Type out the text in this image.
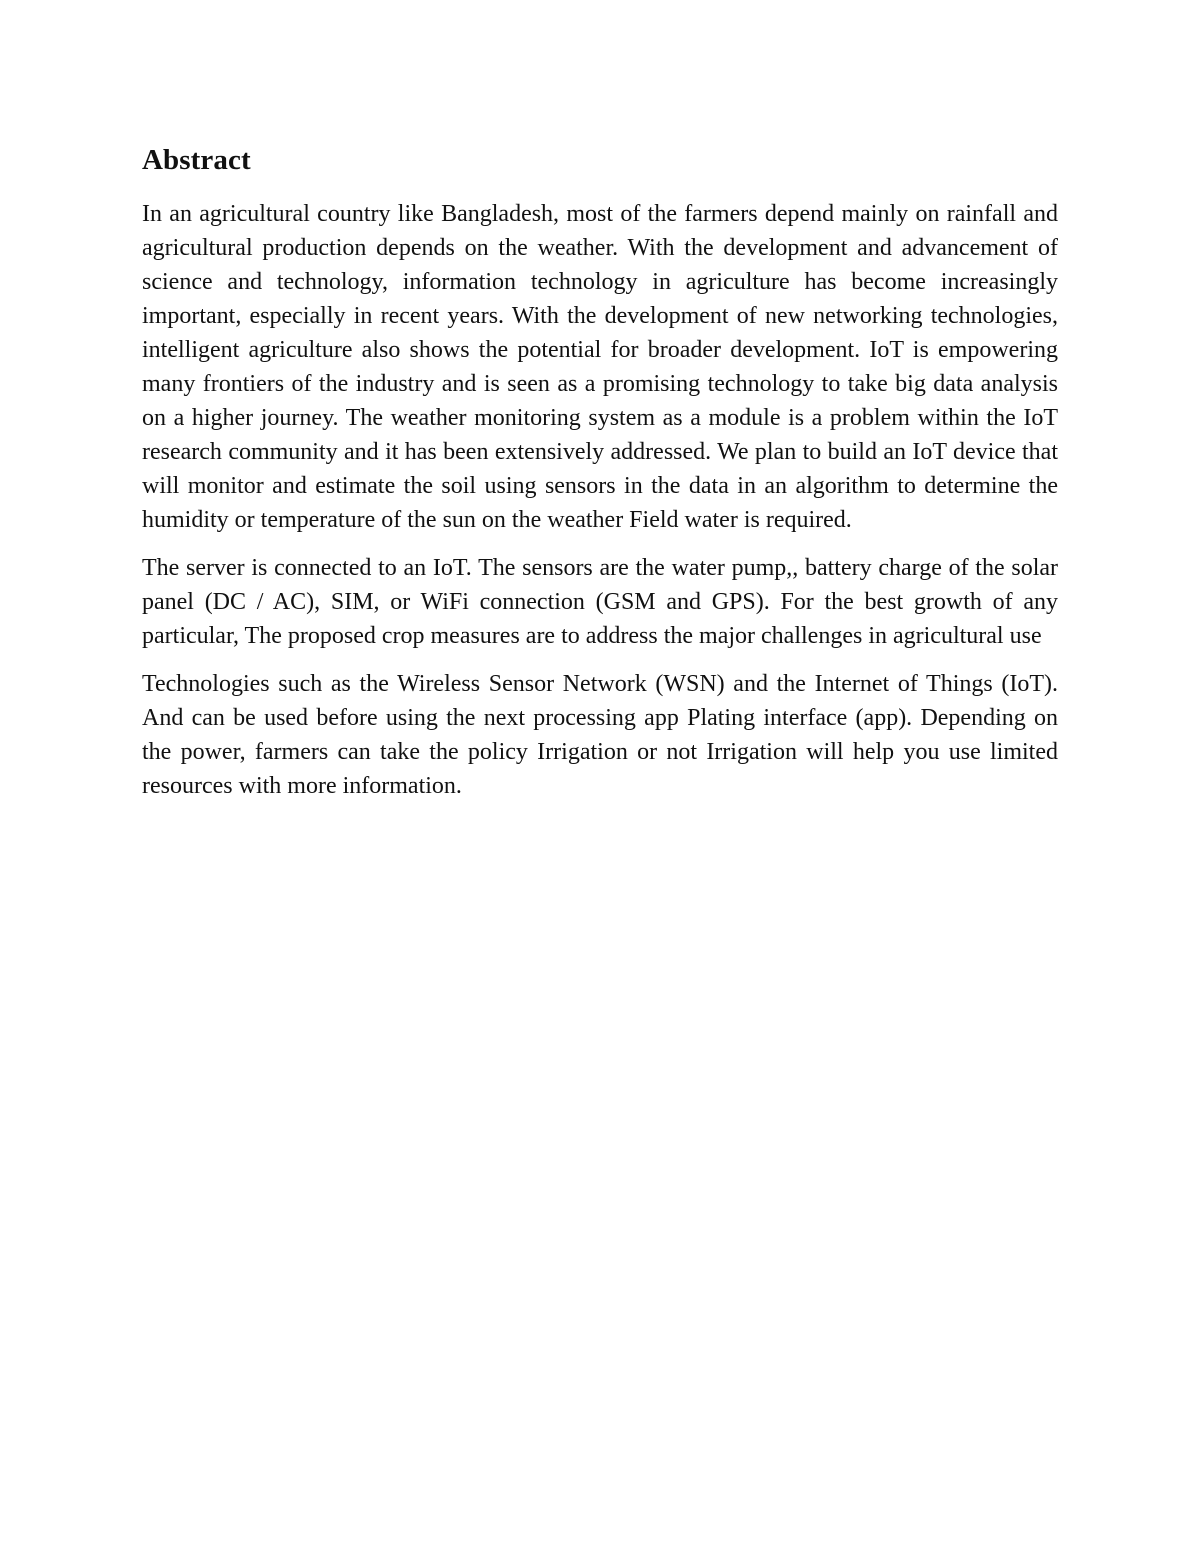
Abstract

In an agricultural country like Bangladesh, most of the farmers depend mainly on rainfall and agricultural production depends on the weather. With the development and advancement of science and technology, information technology in agriculture has become increasingly important, especially in recent years. With the development of new networking technologies, intelligent agriculture also shows the potential for broader development. IoT is empowering many frontiers of the industry and is seen as a promising technology to take big data analysis on a higher journey. The weather monitoring system as a module is a problem within the IoT research community and it has been extensively addressed. We plan to build an IoT device that will monitor and estimate the soil using sensors in the data in an algorithm to determine the humidity or temperature of the sun on the weather Field water is required.

The server is connected to an IoT. The sensors are the water pump,, battery charge of the solar panel (DC / AC), SIM, or WiFi connection (GSM and GPS). For the best growth of any particular, The proposed crop measures are to address the major challenges in agricultural use

Technologies such as the Wireless Sensor Network (WSN) and the Internet of Things (IoT). And can be used before using the next processing app Plating interface (app). Depending on the power, farmers can take the policy Irrigation or not Irrigation will help you use limited resources with more information.
